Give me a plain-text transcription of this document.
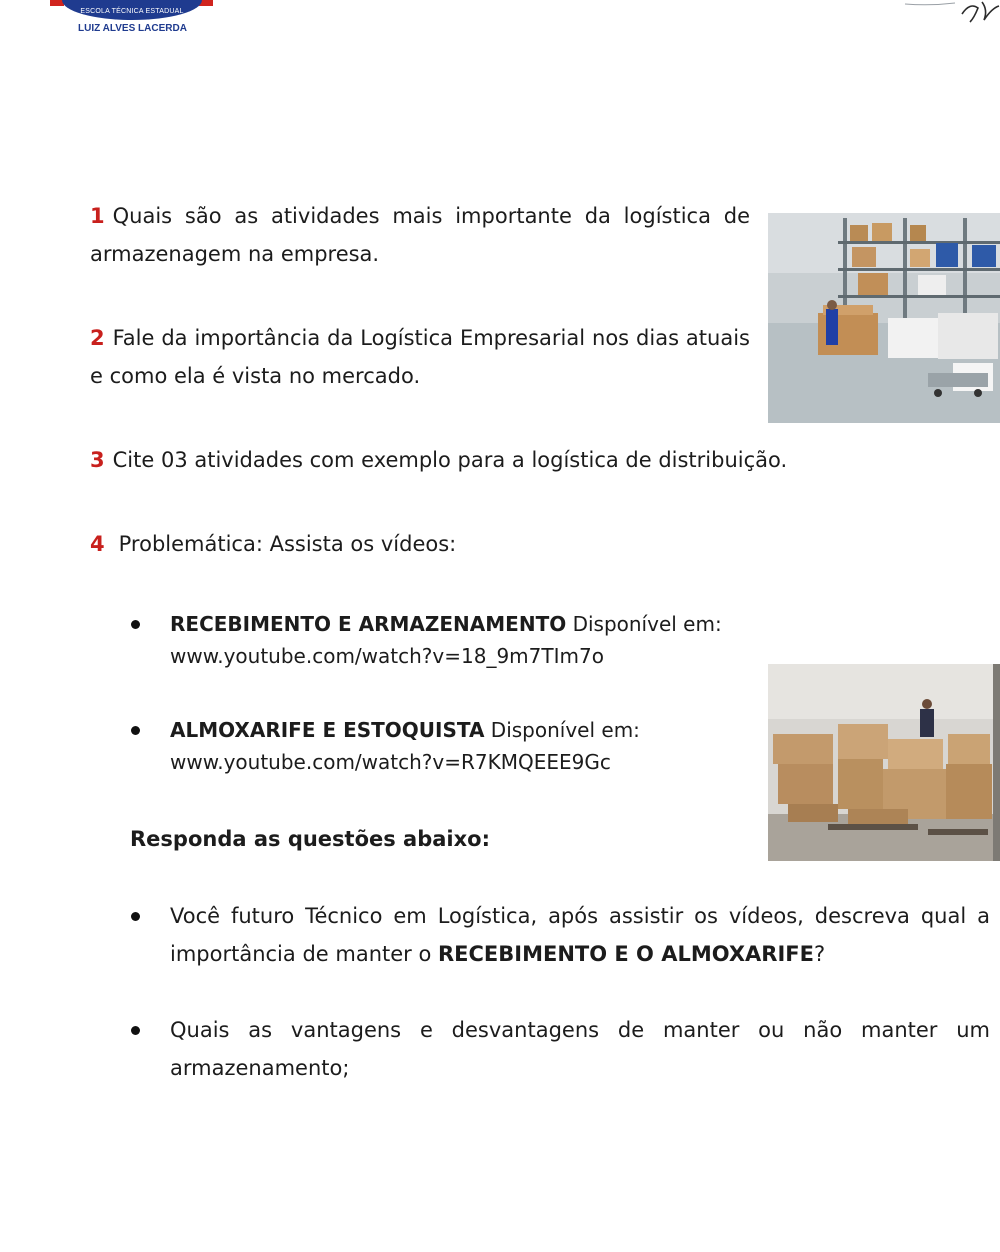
ESCOLA TÉCNICA ESTADUAL
LUIZ ALVES LACERDA
1 Quais são as atividades mais importante da logística de armazenagem na empresa.
2 Fale da importância da Logística Empresarial nos dias atuais e como ela é vista no mercado.
3 Cite 03 atividades com exemplo para a logística de distribuição.
4 Problemática: Assista os vídeos:
RECEBIMENTO E ARMAZENAMENTO Disponível em:
www.youtube.com/watch?v=18_9m7TIm7o
ALMOXARIFE E ESTOQUISTA Disponível em:
www.youtube.com/watch?v=R7KMQEEE9Gc
Responda as questões abaixo:
Você futuro Técnico em Logística, após assistir os vídeos, descreva qual a importância de manter o RECEBIMENTO E O ALMOXARIFE?
Quais as vantagens e desvantagens de manter ou não manter um armazenamento;
